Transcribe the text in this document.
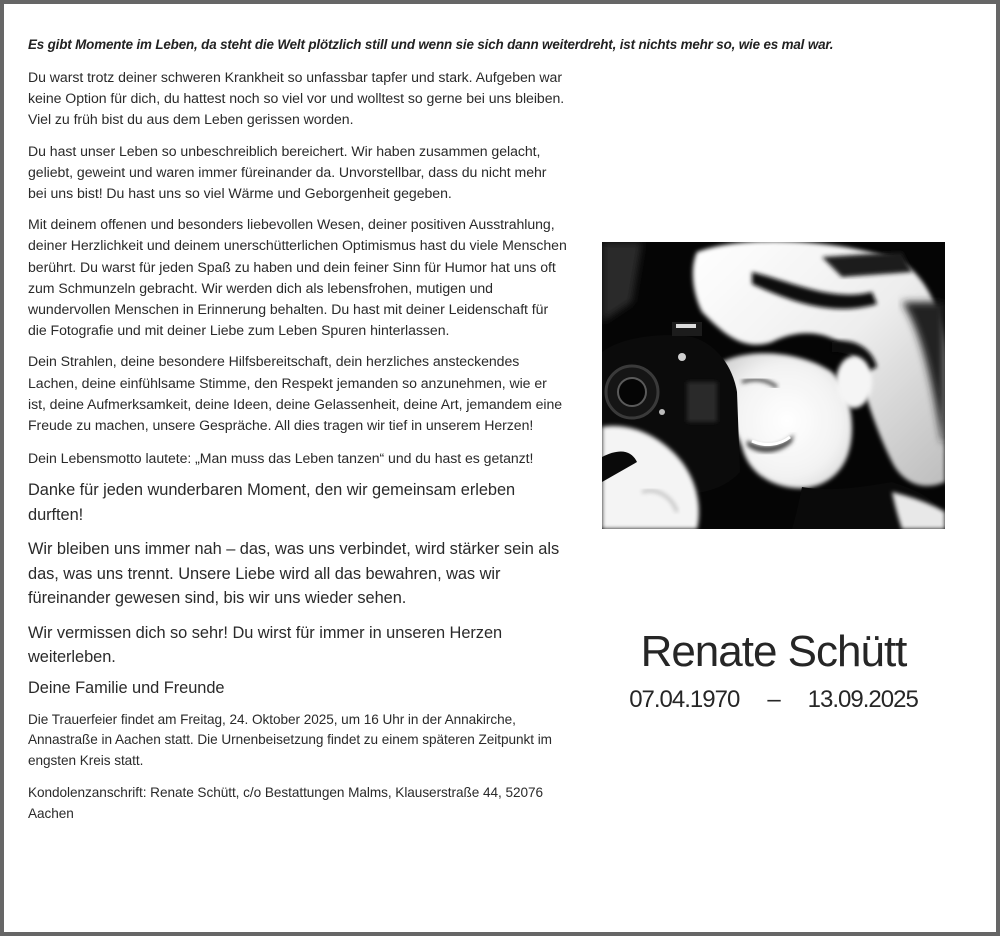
Es gibt Momente im Leben, da steht die Welt plötzlich still und wenn sie sich dann weiterdreht, ist nichts mehr so, wie es mal war.

Du warst trotz deiner schweren Krankheit so unfassbar tapfer und stark. Aufgeben war keine Option für dich, du hattest noch so viel vor und wolltest so gerne bei uns bleiben. Viel zu früh bist du aus dem Leben gerissen worden.

Du hast unser Leben so unbeschreiblich bereichert. Wir haben zusammen gelacht, geliebt, geweint und waren immer füreinander da. Unvorstellbar, dass du nicht mehr bei uns bist! Du hast uns so viel Wärme und Geborgenheit gegeben.

Mit deinem offenen und besonders liebevollen Wesen, deiner positiven Ausstrahlung, deiner Herzlichkeit und deinem unerschütterlichen Optimismus hast du viele Menschen berührt. Du warst für jeden Spaß zu haben und dein feiner Sinn für Humor hat uns oft zum Schmunzeln gebracht. Wir werden dich als lebensfrohen, mutigen und wundervollen Menschen in Erinnerung behalten. Du hast mit deiner Leidenschaft für die Fotografie und mit deiner Liebe zum Leben Spuren hinterlassen.

Dein Strahlen, deine besondere Hilfsbereitschaft, dein herzliches ansteckendes Lachen, deine einfühlsame Stimme, den Respekt jemanden so anzunehmen, wie er ist, deine Aufmerksamkeit, deine Ideen, deine Gelassenheit, deine Art, jemandem eine Freude zu machen, unsere Gespräche. All dies tragen wir tief in unserem Herzen!

Dein Lebensmotto lautete: „Man muss das Leben tanzen“ und du hast es getanzt!

Danke für jeden wunderbaren Moment, den wir gemeinsam erleben durften!

Wir bleiben uns immer nah – das, was uns verbindet, wird stärker sein als das, was uns trennt. Unsere Liebe wird all das bewahren, was wir füreinander gewesen sind, bis wir uns wieder sehen.

Wir vermissen dich so sehr! Du wirst für immer in unseren Herzen weiterleben.

Deine Familie und Freunde

Die Trauerfeier findet am Freitag, 24. Oktober 2025, um 16 Uhr in der Annakirche, Annastraße in Aachen statt. Die Urnenbeisetzung findet zu einem späteren Zeitpunkt im engsten Kreis statt.

Kondolenzanschrift: Renate Schütt, c/o Bestattungen Malms, Klauserstraße 44, 52076 Aachen

Renate Schütt
07.04.1970 – 13.09.2025
